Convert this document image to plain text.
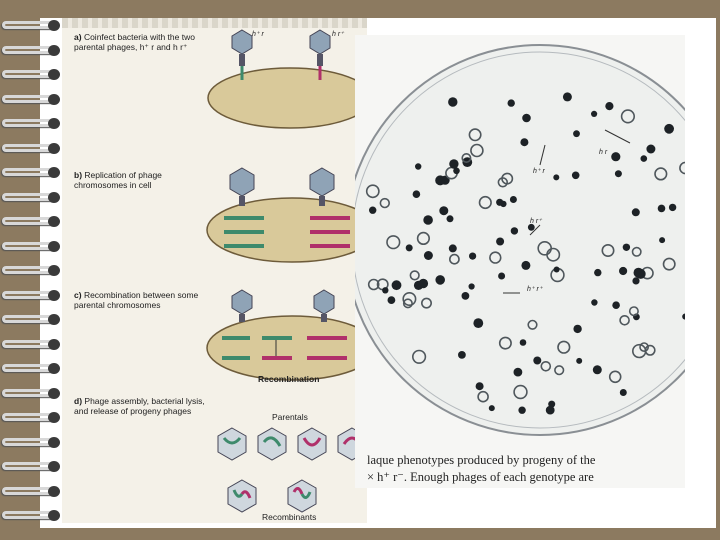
a) Coinfect bacteria with the two parental phages, h⁺ r and h r⁺
b) Replication of phage chromosomes in cell
c) Recombination between some parental chromosomes
d) Phage assembly, bacterial lysis, and release of progeny phages
h⁺ r	h r⁺
Recombination
Parentals
Recombinants
h r
h⁺ r
h r⁺
h⁺ r⁺
laque phenotypes produced by progeny of the
× h⁺ r⁻. Enough phages of each genotype are
